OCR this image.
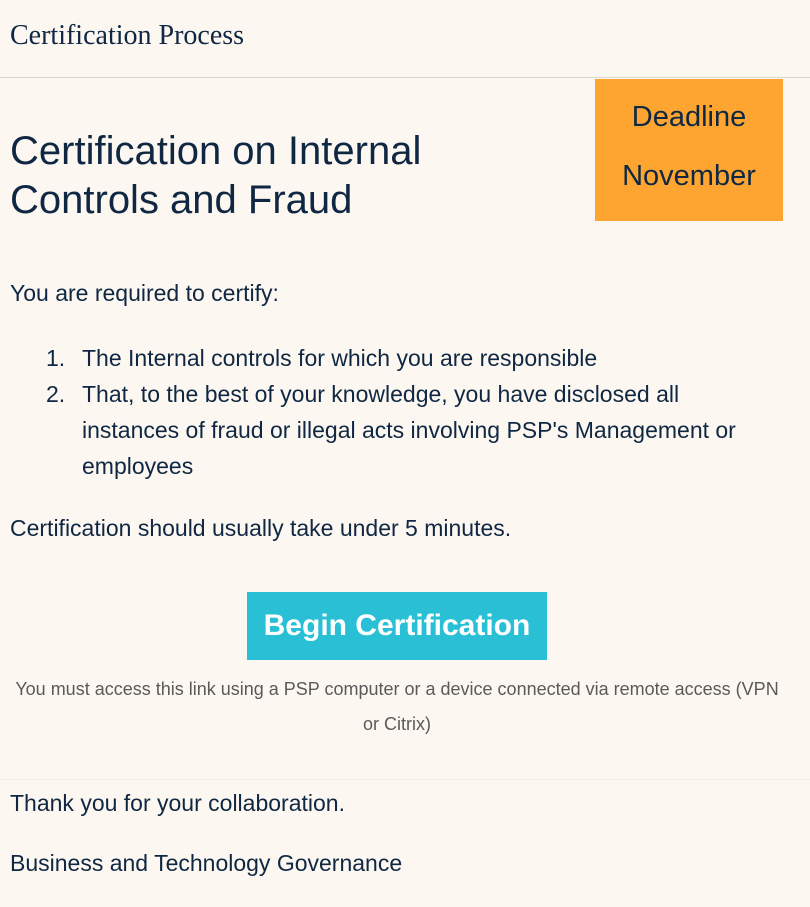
Certification Process
Certification on Internal Controls and Fraud
Deadline
November
You are required to certify:
1. The Internal controls for which you are responsible
2. That, to the best of your knowledge, you have disclosed all instances of fraud or illegal acts involving PSP's Management or employees
Certification should usually take under 5 minutes.
Begin Certification
You must access this link using a PSP computer or a device connected via remote access (VPN or Citrix)
Thank you for your collaboration.
Business and Technology Governance
